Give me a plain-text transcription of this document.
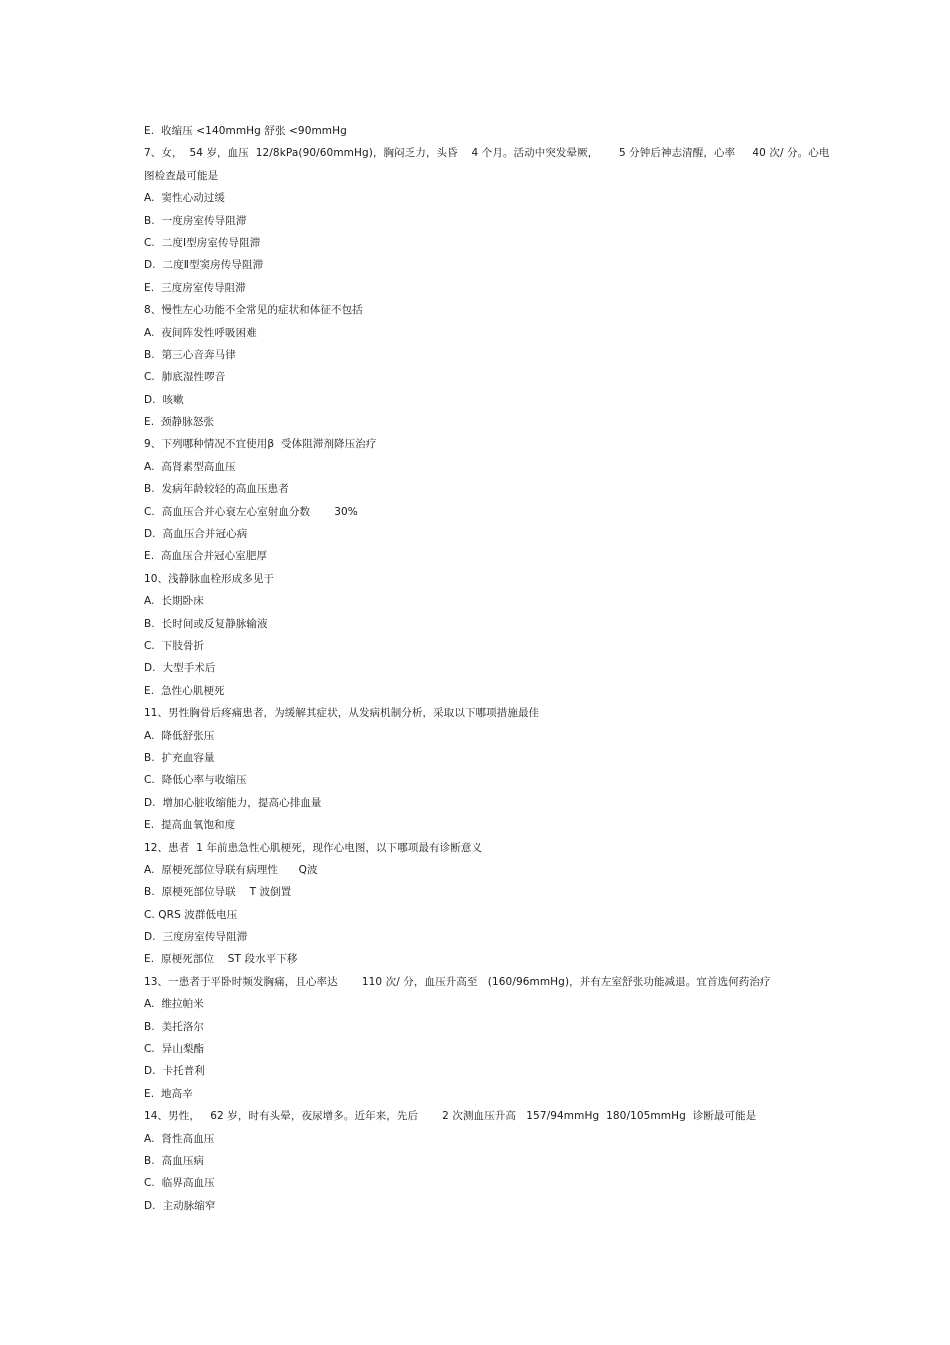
E.  收缩压 <140mmHg 舒张 <90mmHg
7、女，  54 岁，血压  12/8kPa(90/60mmHg)，胸闷乏力，头昏    4 个月。活动中突发晕厥，      5 分钟后神志清醒，心率     40 次/ 分。心电
图检查最可能是
A.  窦性心动过缓
B.  一度房室传导阻滞
C.  二度Ⅰ型房室传导阻滞
D.  二度Ⅱ型窦房传导阻滞
E.  三度房室传导阻滞
8、慢性左心功能不全常见的症状和体征不包括
A.  夜间阵发性呼吸困难
B.  第三心音奔马律
C.  肺底湿性啰音
D.  咳嗽
E.  颈静脉怒张
9、下列哪种情况不宜使用β  受体阻滞剂降压治疗
A.  高肾素型高血压
B.  发病年龄较轻的高血压患者
C.  高血压合并心衰左心室射血分数       30%
D.  高血压合并冠心病
E.  高血压合并冠心室肥厚
10、浅静脉血栓形成多见于
A.  长期卧床
B.  长时间或反复静脉输液
C.  下肢骨折
D.  大型手术后
E.  急性心肌梗死
11、男性胸骨后疼痛患者，为缓解其症状，从发病机制分析，采取以下哪项措施最佳
A.  降低舒张压
B.  扩充血容量
C.  降低心率与收缩压
D.  增加心脏收缩能力，提高心排血量
E.  提高血氧饱和度
12、患者  1 年前患急性心肌梗死，现作心电图，以下哪项最有诊断意义
A.  原梗死部位导联有病理性      Q波
B.  原梗死部位导联    T 波倒置
C. QRS 波群低电压
D.  三度房室传导阻滞
E.  原梗死部位    ST 段水平下移
13、一患者于平卧时频发胸痛，且心率达       110 次/ 分，血压升高至   (160/96mmHg)，并有左室舒张功能减退。宜首选何药治疗
A.  维拉帕米
B.  美托洛尔
C.  异山梨酯
D.  卡托普利
E.  地高辛
14、男性，   62 岁，时有头晕，夜尿增多。近年来，先后       2 次测血压升高   157/94mmHg  180/105mmHg  诊断最可能是
A.  肾性高血压
B.  高血压病
C.  临界高血压
D.  主动脉缩窄
